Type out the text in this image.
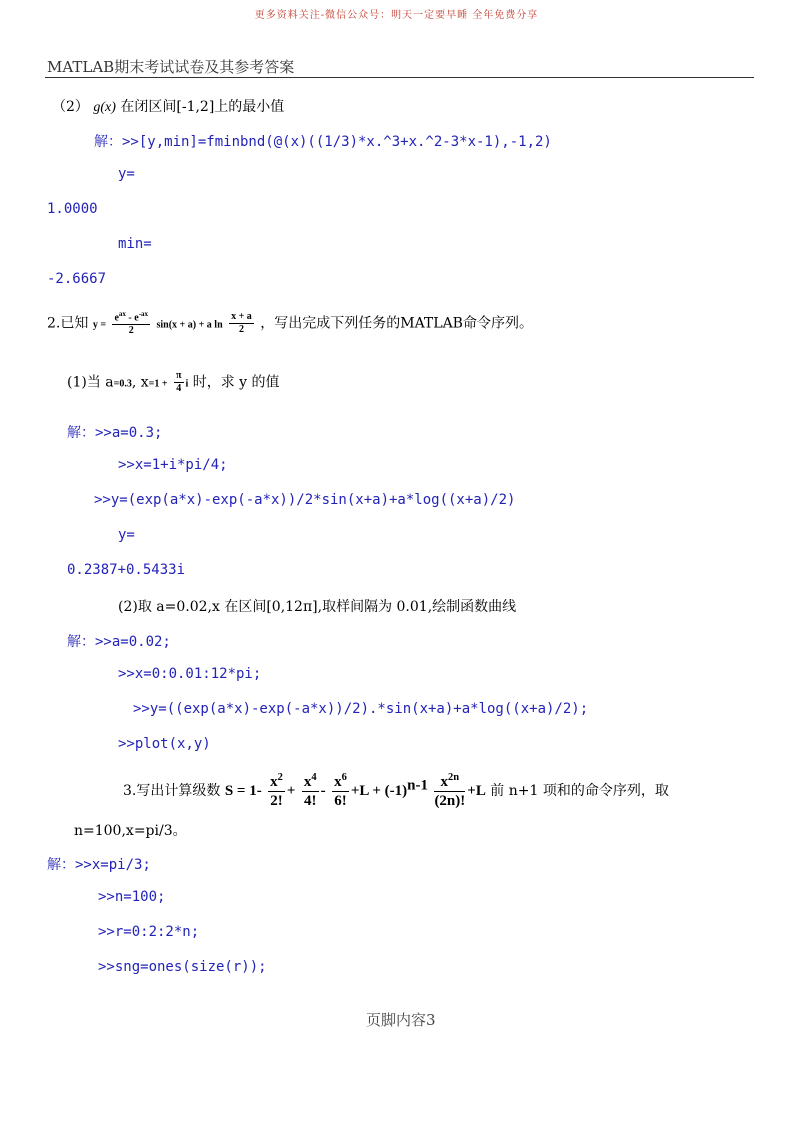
更多资料关注-微信公众号：明天一定要早睡 全年免费分享
MATLAB期末考试试卷及其参考答案
（2） g(x) 在闭区间[-1,2]上的最小值
解：>>[y,min]=fminbnd(@(x)((1/3)*x.^3+x.^2-3*x-1),-1,2)
y=
1.0000
min=
-2.6667
2.已知 $y = \frac{e^{ax} - e^{-ax}}{2} \sin(x + a) + a$ $\ln \frac{x + a}{2}$ ，写出完成下列任务的MATLAB命令序列。
(1)当 a=0.3, $x=1 + \frac{\pi}{4}$ i 时，求 y 的值
解：>>a=0.3;
>>x=1+i*pi/4;
>>y=(exp(a*x)-exp(-a*x))/2*sin(x+a)+a*log((x+a)/2)
y=
0.2387+0.5433i
(2)取 a=0.02,x 在区间[0,12π],取样间隔为 0.01,绘制函数曲线
解：>>a=0.02;
>>x=0:0.01:12*pi;
>>y=((exp(a*x)-exp(-a*x))/2).*sin(x+a)+a*log((x+a)/2);
>>plot(x,y)
3.写出计算级数 $S = 1- \frac{x^2}{2!} + \frac{x^4}{4!} - \frac{x^6}{6!} +L + (-1)^{n-1} \frac{x^{2n}}{(2n)!} +L$ 前 n+1 项和的命令序列，取
n=100,x=pi/3。
解：>>x=pi/3;
>>n=100;
>>r=0:2:2*n;
>>sng=ones(size(r));
页脚内容3
